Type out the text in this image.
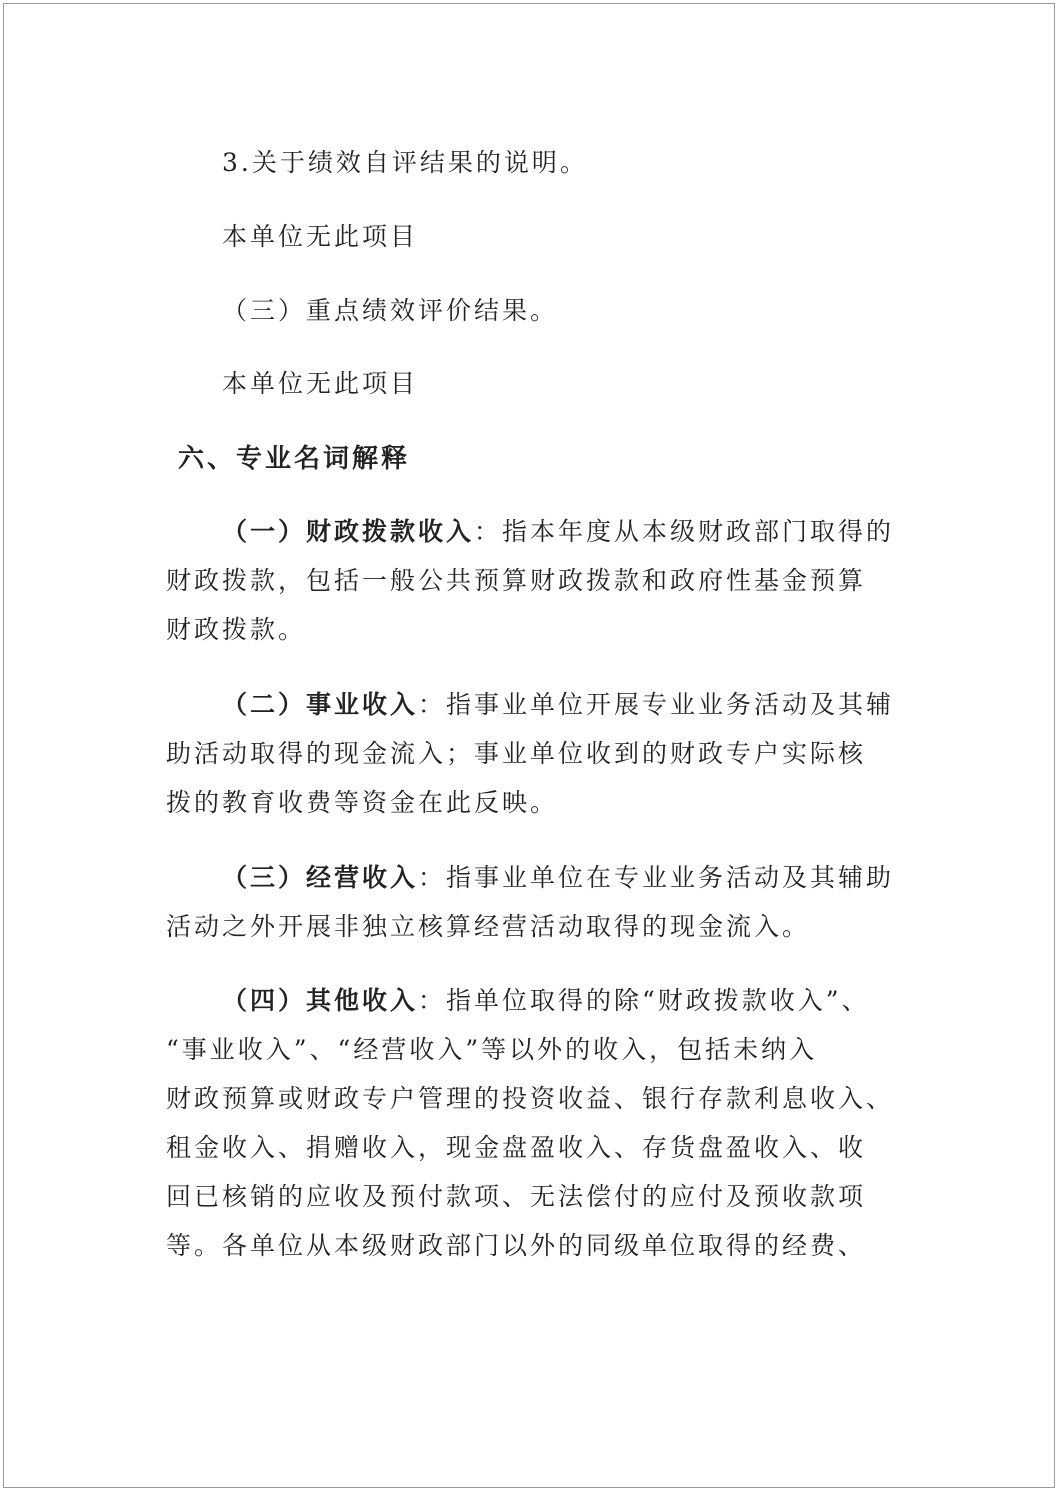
3.关于绩效自评结果的说明。
本单位无此项目
（三）重点绩效评价结果。
本单位无此项目
六、专业名词解释
（一）财政拨款收入：指本年度从本级财政部门取得的
财政拨款，包括一般公共预算财政拨款和政府性基金预算
财政拨款。
（二）事业收入：指事业单位开展专业业务活动及其辅
助活动取得的现金流入；事业单位收到的财政专户实际核
拨的教育收费等资金在此反映。
（三）经营收入：指事业单位在专业业务活动及其辅助
活动之外开展非独立核算经营活动取得的现金流入。
（四）其他收入：指单位取得的除“财政拨款收入”、
“事业收入”、“经营收入”等以外的收入，包括未纳入
财政预算或财政专户管理的投资收益、银行存款利息收入、
租金收入、捐赠收入，现金盘盈收入、存货盘盈收入、收
回已核销的应收及预付款项、无法偿付的应付及预收款项
等。各单位从本级财政部门以外的同级单位取得的经费、
